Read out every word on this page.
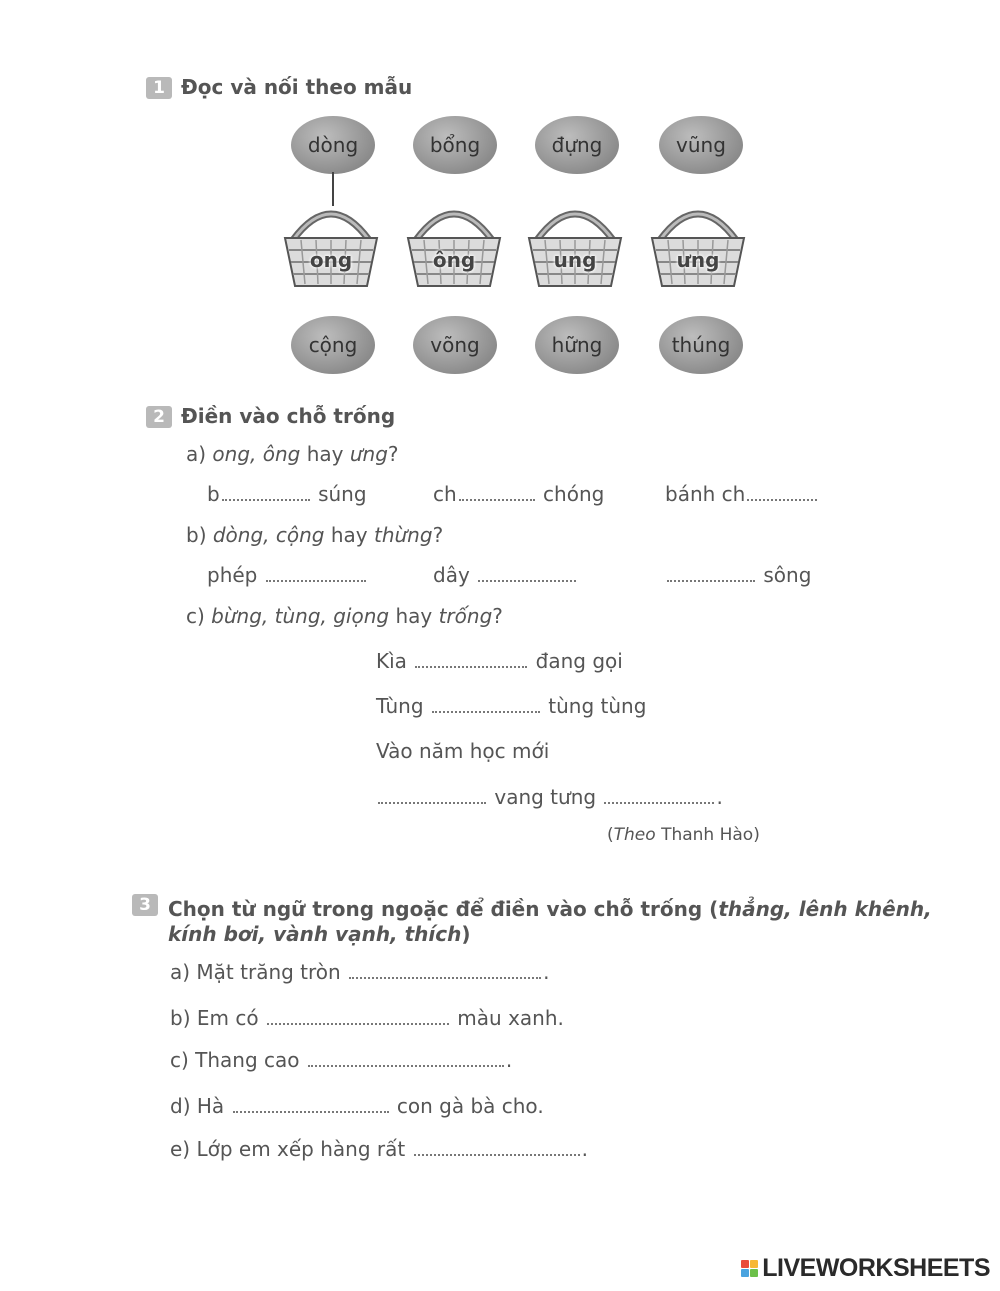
1 Đọc và nối theo mẫu
dòng	bổng	đựng	vũng
ong	ông	ung	ưng
cộng	võng	hững	thúng
2 Điền vào chỗ trống
a) ong, ông hay ưng?
b	súng	ch	chóng	bánh ch
b) dòng, cộng hay thừng?
phép	dây	sông
c) bừng, tùng, giọng hay trống?
Kìa	đang gọi
Tùng	tùng tùng
Vào năm học mới
vang tưng	.
(Theo Thanh Hào)
3 Chọn từ ngữ trong ngoặc để điền vào chỗ trống (thẳng, lênh khênh,
kính bơi, vành vạnh, thích)
a) Mặt trăng tròn	.
b) Em có	màu xanh.
c) Thang cao	.
d) Hà	con gà bà cho.
e) Lớp em xếp hàng rất	.
LIVEWORKSHEETS
